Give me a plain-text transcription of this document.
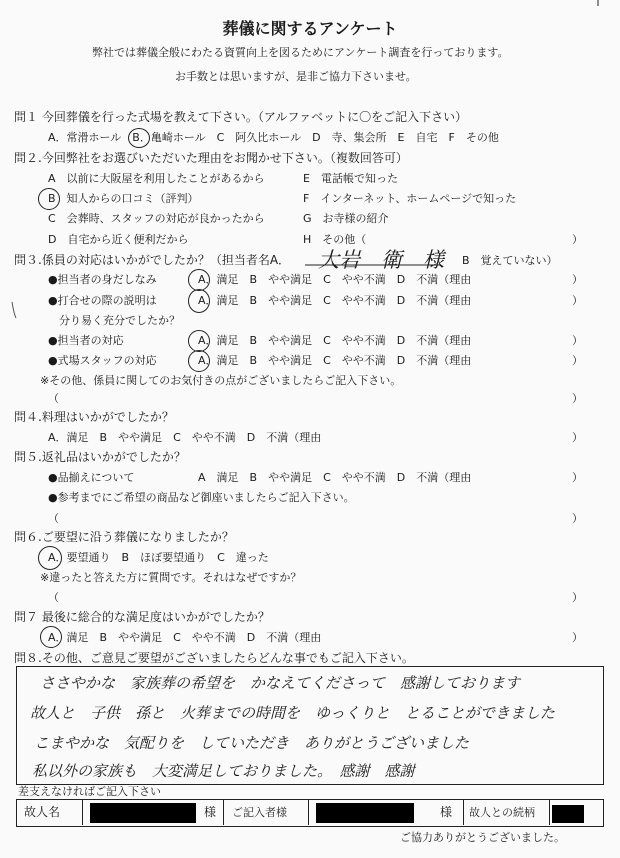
葬儀に関するアンケート
弊社では葬儀全般にわたる資質向上を図るためにアンケート調査を行っております。
お手数とは思いますが、是非ご協力下さいませ。
問１ 今回葬儀を行った式場を教えて下さい。（アルファベットに〇をご記入下さい）
A．常滑ホール　B．亀崎ホール　C　阿久比ホール　D　寺、集会所　E　自宅　F　その他
問２.今回弊社をお選びいただいた理由をお聞かせ下さい。（複数回答可）
A　以前に大阪屋を利用したことがあるから
B　知人からの口コミ（評判）
C　会葬時、スタッフの対応が良かったから
D　自宅から近く便利だから
E　電話帳で知った
F　インターネット、ホームページで知った
G　お寺様の紹介
H　その他（	）
問３.係員の対応はいかがでしたか？（担当者名A． 大岩　衛　様 B　覚えていない）
●担当者の身だしなみ	A．満足　B　やや満足　C　やや不満　D　不満（理由	）
●打合せの際の説明は	A．満足　B　やや満足　C　やや不満　D　不満（理由	）
　分り易く充分でしたか？
●担当者の対応	A．満足　B　やや満足　C　やや不満　D　不満（理由	）
●式場スタッフの対応	A．満足　B　やや満足　C　やや不満　D　不満（理由	）
※その他、係員に関してのお気付きの点がございましたらご記入下さい。
（	）
問４.料理はいかがでしたか？
A．満足　B　やや満足　C　やや不満　D　不満（理由	）
問５.返礼品はいかがでしたか？
●品揃えについて	A　満足　B　やや満足　C　やや不満　D　不満（理由	）
●参考までにご希望の商品など御座いましたらご記入下さい。
（	）
問６.ご要望に沿う葬儀になりましたか？
A．要望通り　B　ほぼ要望通り　C　違った
※違ったと答えた方に質問です。それはなぜですか？
（	）
問７ 最後に総合的な満足度はいかがでしたか？
A．満足　B　やや満足　C　やや不満　D　不満（理由	）
問８.その他、ご意見ご要望がございましたらどんな事でもご記入下さい。
ささやかな　家族葬の希望を　かなえてくださって　感謝しております
故人と　子供　孫と　火葬までの時間を　ゆっくりと　とることができました
こまやかな　気配りを　していただき　ありがとうございました
私以外の家族も　大変満足しておりました。　感謝　感謝
差支えなければご記入下さい
故人名	様 ご記入者様	様 故人との続柄
ご協力ありがとうございました。
